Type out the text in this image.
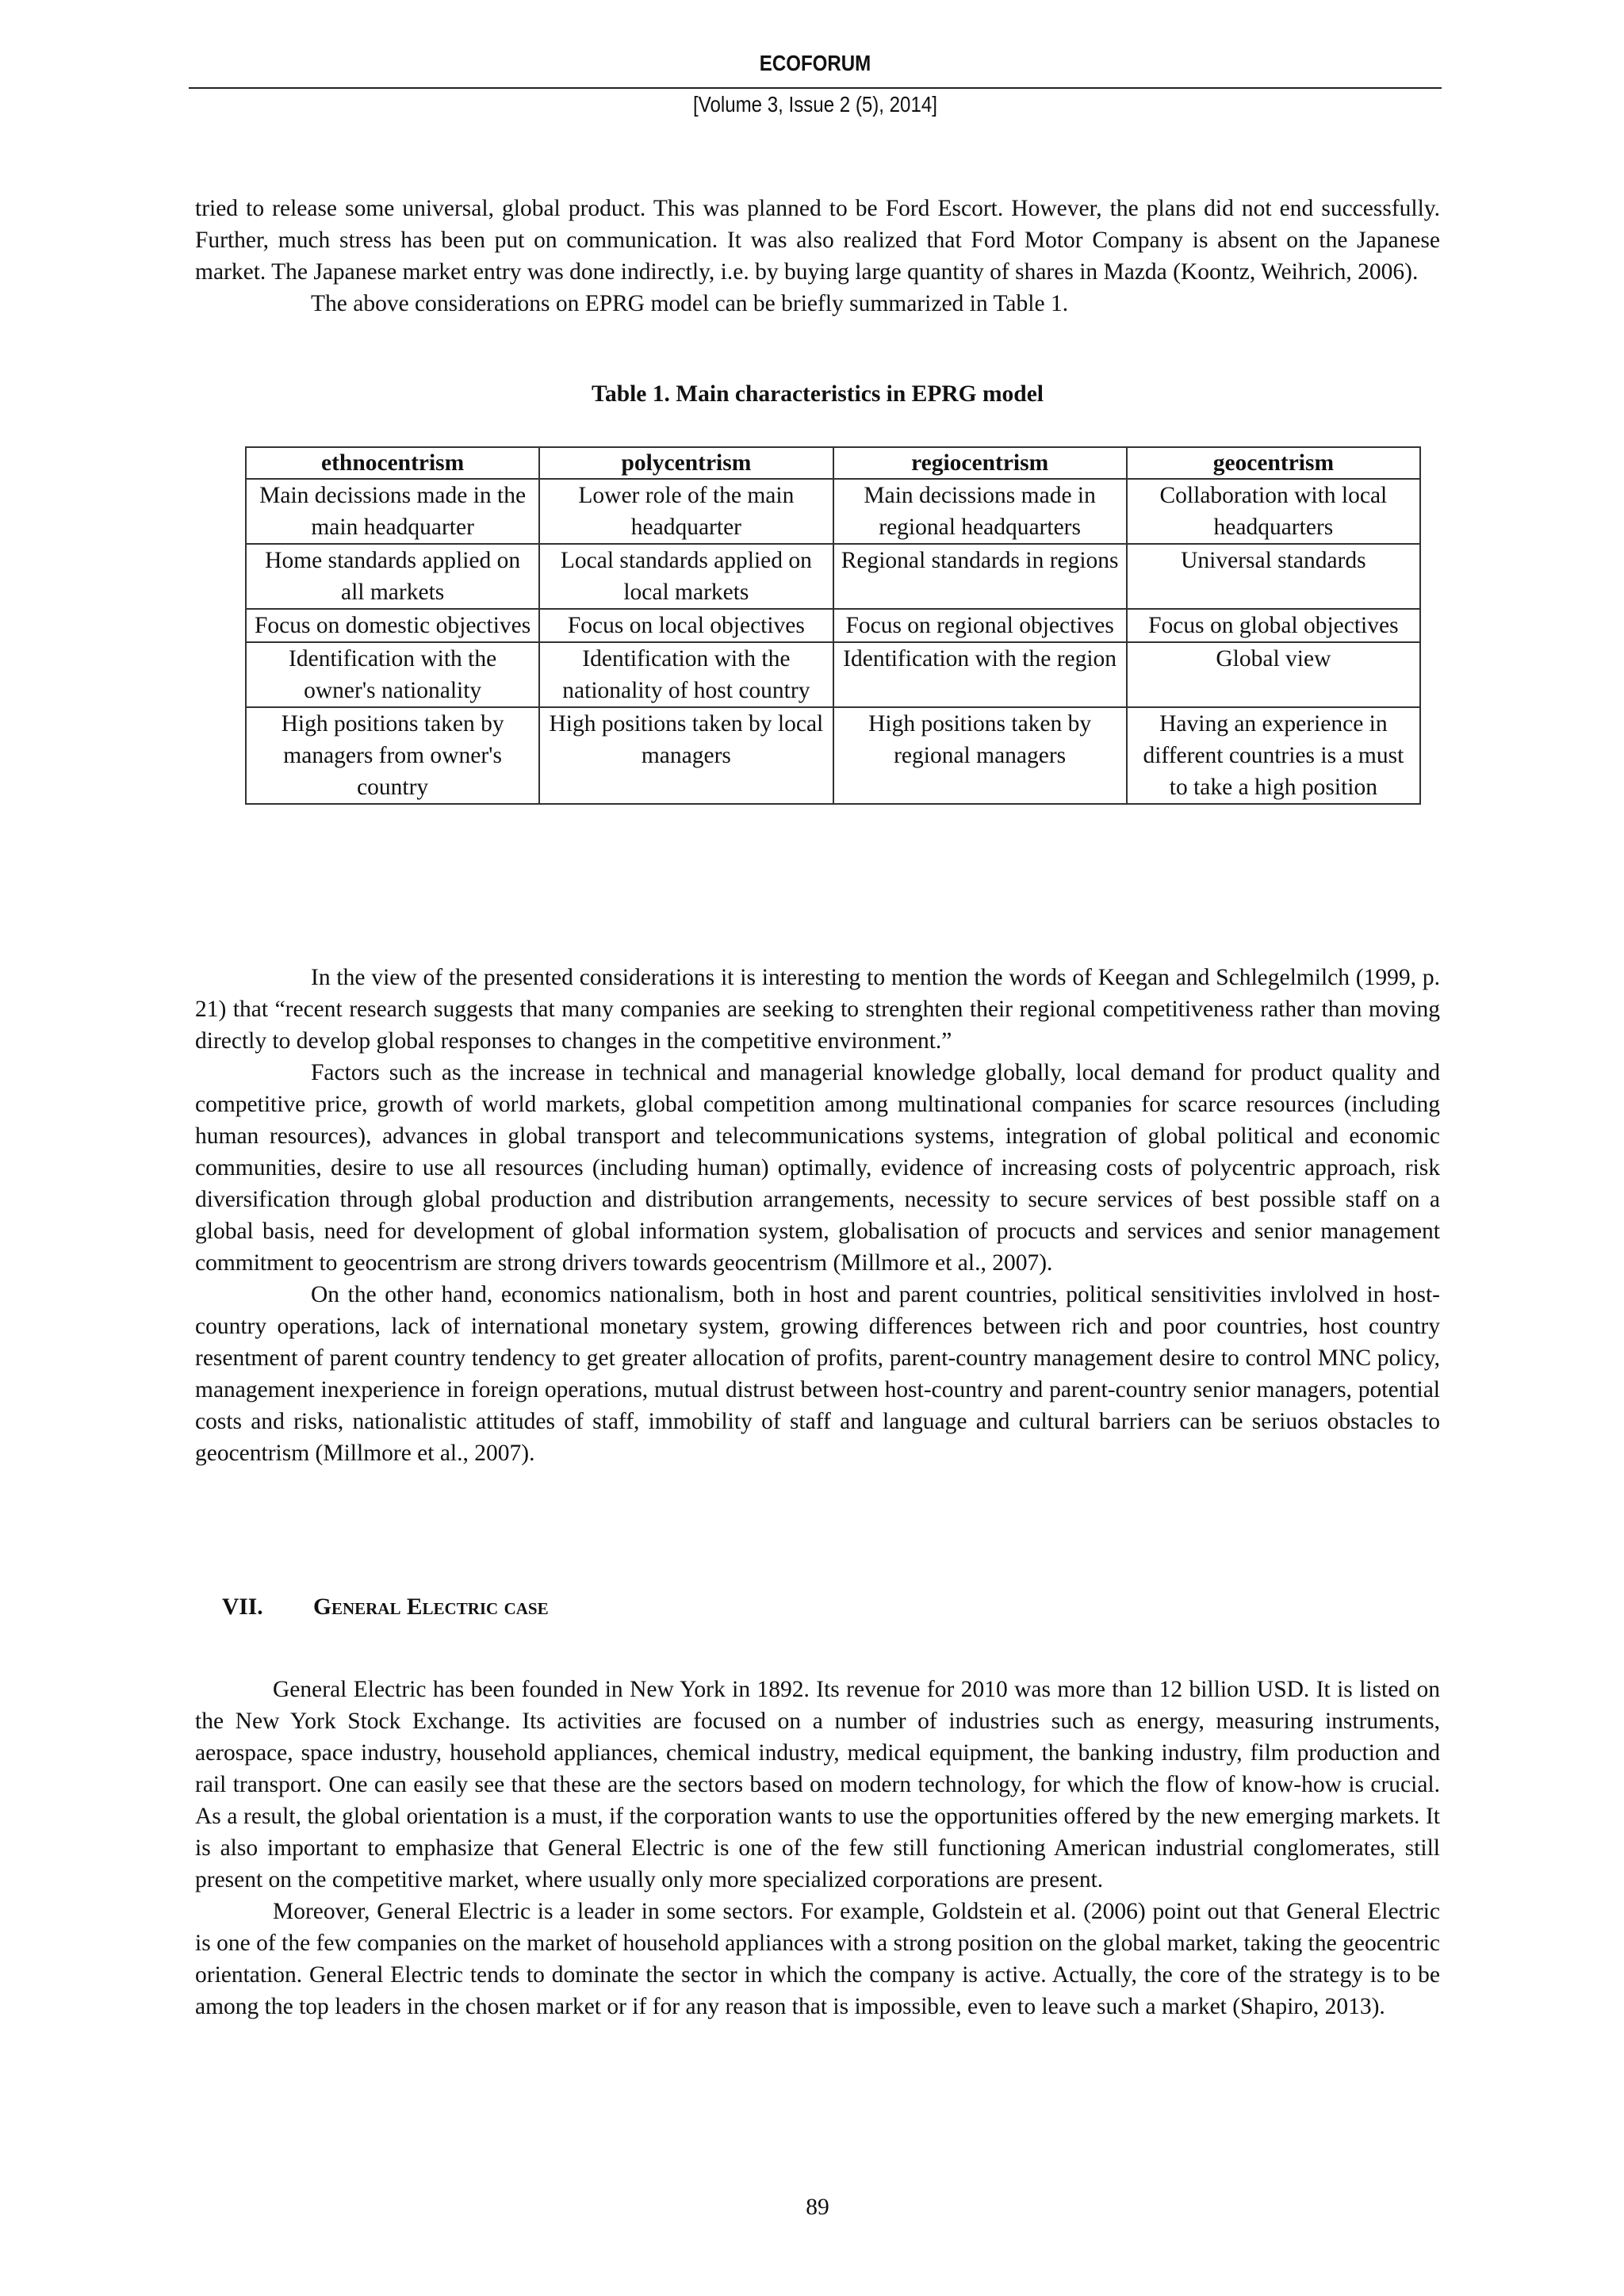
ECOFORUM
[Volume 3, Issue 2 (5), 2014]

tried to release some universal, global product. This was planned to be Ford Escort. However, the plans did not end successfully. Further, much stress has been put on communication. It was also realized that Ford Motor Company is absent on the Japanese market. The Japanese market entry was done indirectly, i.e. by buying large quantity of shares in Mazda (Koontz, Weihrich, 2006).

The above considerations on EPRG model can be briefly summarized in Table 1.

Table 1. Main characteristics in EPRG model
ethnocentrism	polycentrism	regiocentrism	geocentrism
Main decissions made in the main headquarter	Lower role of the main headquarter	Main decissions made in regional headquarters	Collaboration with local headquarters
Home standards applied on all markets	Local standards applied on local markets	Regional standards in regions	Universal standards
Focus on domestic objectives	Focus on local objectives	Focus on regional objectives	Focus on global objectives
Identification with the owner's nationality	Identification with the nationality of host country	Identification with the region	Global view
High positions taken by managers from owner's country	High positions taken by local managers	High positions taken by regional managers	Having an experience in different countries is a must to take a high position

In the view of the presented considerations it is interesting to mention the words of Keegan and Schlegelmilch (1999, p. 21) that “recent research suggests that many companies are seeking to strenghten their regional competitiveness rather than moving directly to develop global responses to changes in the competitive environment.”

Factors such as the increase in technical and managerial knowledge globally, local demand for product quality and competitive price, growth of world markets, global competition among multinational companies for scarce resources (including human resources), advances in global transport and telecommunications systems, integration of global political and economic communities, desire to use all resources (including human) optimally, evidence of increasing costs of polycentric approach, risk diversification through global production and distribution arrangements, necessity to secure services of best possible staff on a global basis, need for development of global information system, globalisation of procucts and services and senior management commitment to geocentrism are strong drivers towards geocentrism (Millmore et al., 2007).

On the other hand, economics nationalism, both in host and parent countries, political sensitivities invlolved in host-country operations, lack of international monetary system, growing differences between rich and poor countries, host country resentment of parent country tendency to get greater allocation of profits, parent-country management desire to control MNC policy, management inexperience in foreign operations, mutual distrust between host-country and parent-country senior managers, potential costs and risks, nationalistic attitudes of staff, immobility of staff and language and cultural barriers can be seriuos obstacles to geocentrism (Millmore et al., 2007).

VII. General Electric case

General Electric has been founded in New York in 1892. Its revenue for 2010 was more than 12 billion USD. It is listed on the New York Stock Exchange. Its activities are focused on a number of industries such as energy, measuring instruments, aerospace, space industry, household appliances, chemical industry, medical equipment, the banking industry, film production and rail transport. One can easily see that these are the sectors based on modern technology, for which the flow of know-how is crucial. As a result, the global orientation is a must, if the corporation wants to use the opportunities offered by the new emerging markets. It is also important to emphasize that General Electric is one of the few still functioning American industrial conglomerates, still present on the competitive market, where usually only more specialized corporations are present.

Moreover, General Electric is a leader in some sectors. For example, Goldstein et al. (2006) point out that General Electric is one of the few companies on the market of household appliances with a strong position on the global market, taking the geocentric orientation. General Electric tends to dominate the sector in which the company is active. Actually, the core of the strategy is to be among the top leaders in the chosen market or if for any reason that is impossible, even to leave such a market (Shapiro, 2013).

89
